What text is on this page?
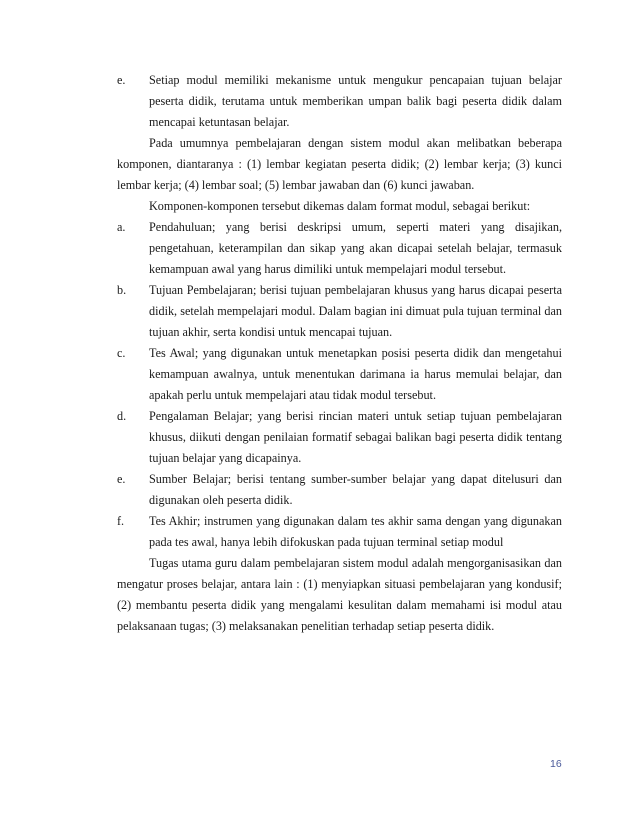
e. Setiap modul memiliki mekanisme untuk mengukur pencapaian tujuan belajar peserta didik, terutama untuk memberikan umpan balik bagi peserta didik dalam mencapai ketuntasan belajar.

Pada umumnya pembelajaran dengan sistem modul akan melibatkan beberapa komponen, diantaranya : (1) lembar kegiatan peserta didik; (2) lembar kerja; (3) kunci lembar kerja; (4) lembar soal; (5) lembar jawaban dan (6) kunci jawaban.

Komponen-komponen tersebut dikemas dalam format modul, sebagai berikut:

a. Pendahuluan; yang berisi deskripsi umum, seperti materi yang disajikan, pengetahuan, keterampilan dan sikap yang akan dicapai setelah belajar, termasuk kemampuan awal yang harus dimiliki untuk mempelajari modul tersebut.
b. Tujuan Pembelajaran; berisi tujuan pembelajaran khusus yang harus dicapai peserta didik, setelah mempelajari modul. Dalam bagian ini dimuat pula tujuan terminal dan tujuan akhir, serta kondisi untuk mencapai tujuan.
c. Tes Awal; yang digunakan untuk menetapkan posisi peserta didik dan mengetahui kemampuan awalnya, untuk menentukan darimana ia harus memulai belajar, dan apakah perlu untuk mempelajari atau tidak modul tersebut.
d. Pengalaman Belajar; yang berisi rincian materi untuk setiap tujuan pembelajaran khusus, diikuti dengan penilaian formatif sebagai balikan bagi peserta didik tentang tujuan belajar yang dicapainya.
e. Sumber Belajar; berisi tentang sumber-sumber belajar yang dapat ditelusuri dan digunakan oleh peserta didik.
f. Tes Akhir; instrumen yang digunakan dalam tes akhir sama dengan yang digunakan pada tes awal, hanya lebih difokuskan pada tujuan terminal setiap modul

Tugas utama guru dalam pembelajaran sistem modul adalah mengorganisasikan dan mengatur proses belajar, antara lain : (1) menyiapkan situasi pembelajaran yang kondusif; (2) membantu peserta didik yang mengalami kesulitan dalam memahami isi modul atau pelaksanaan tugas; (3) melaksanakan penelitian terhadap setiap peserta didik.

16
